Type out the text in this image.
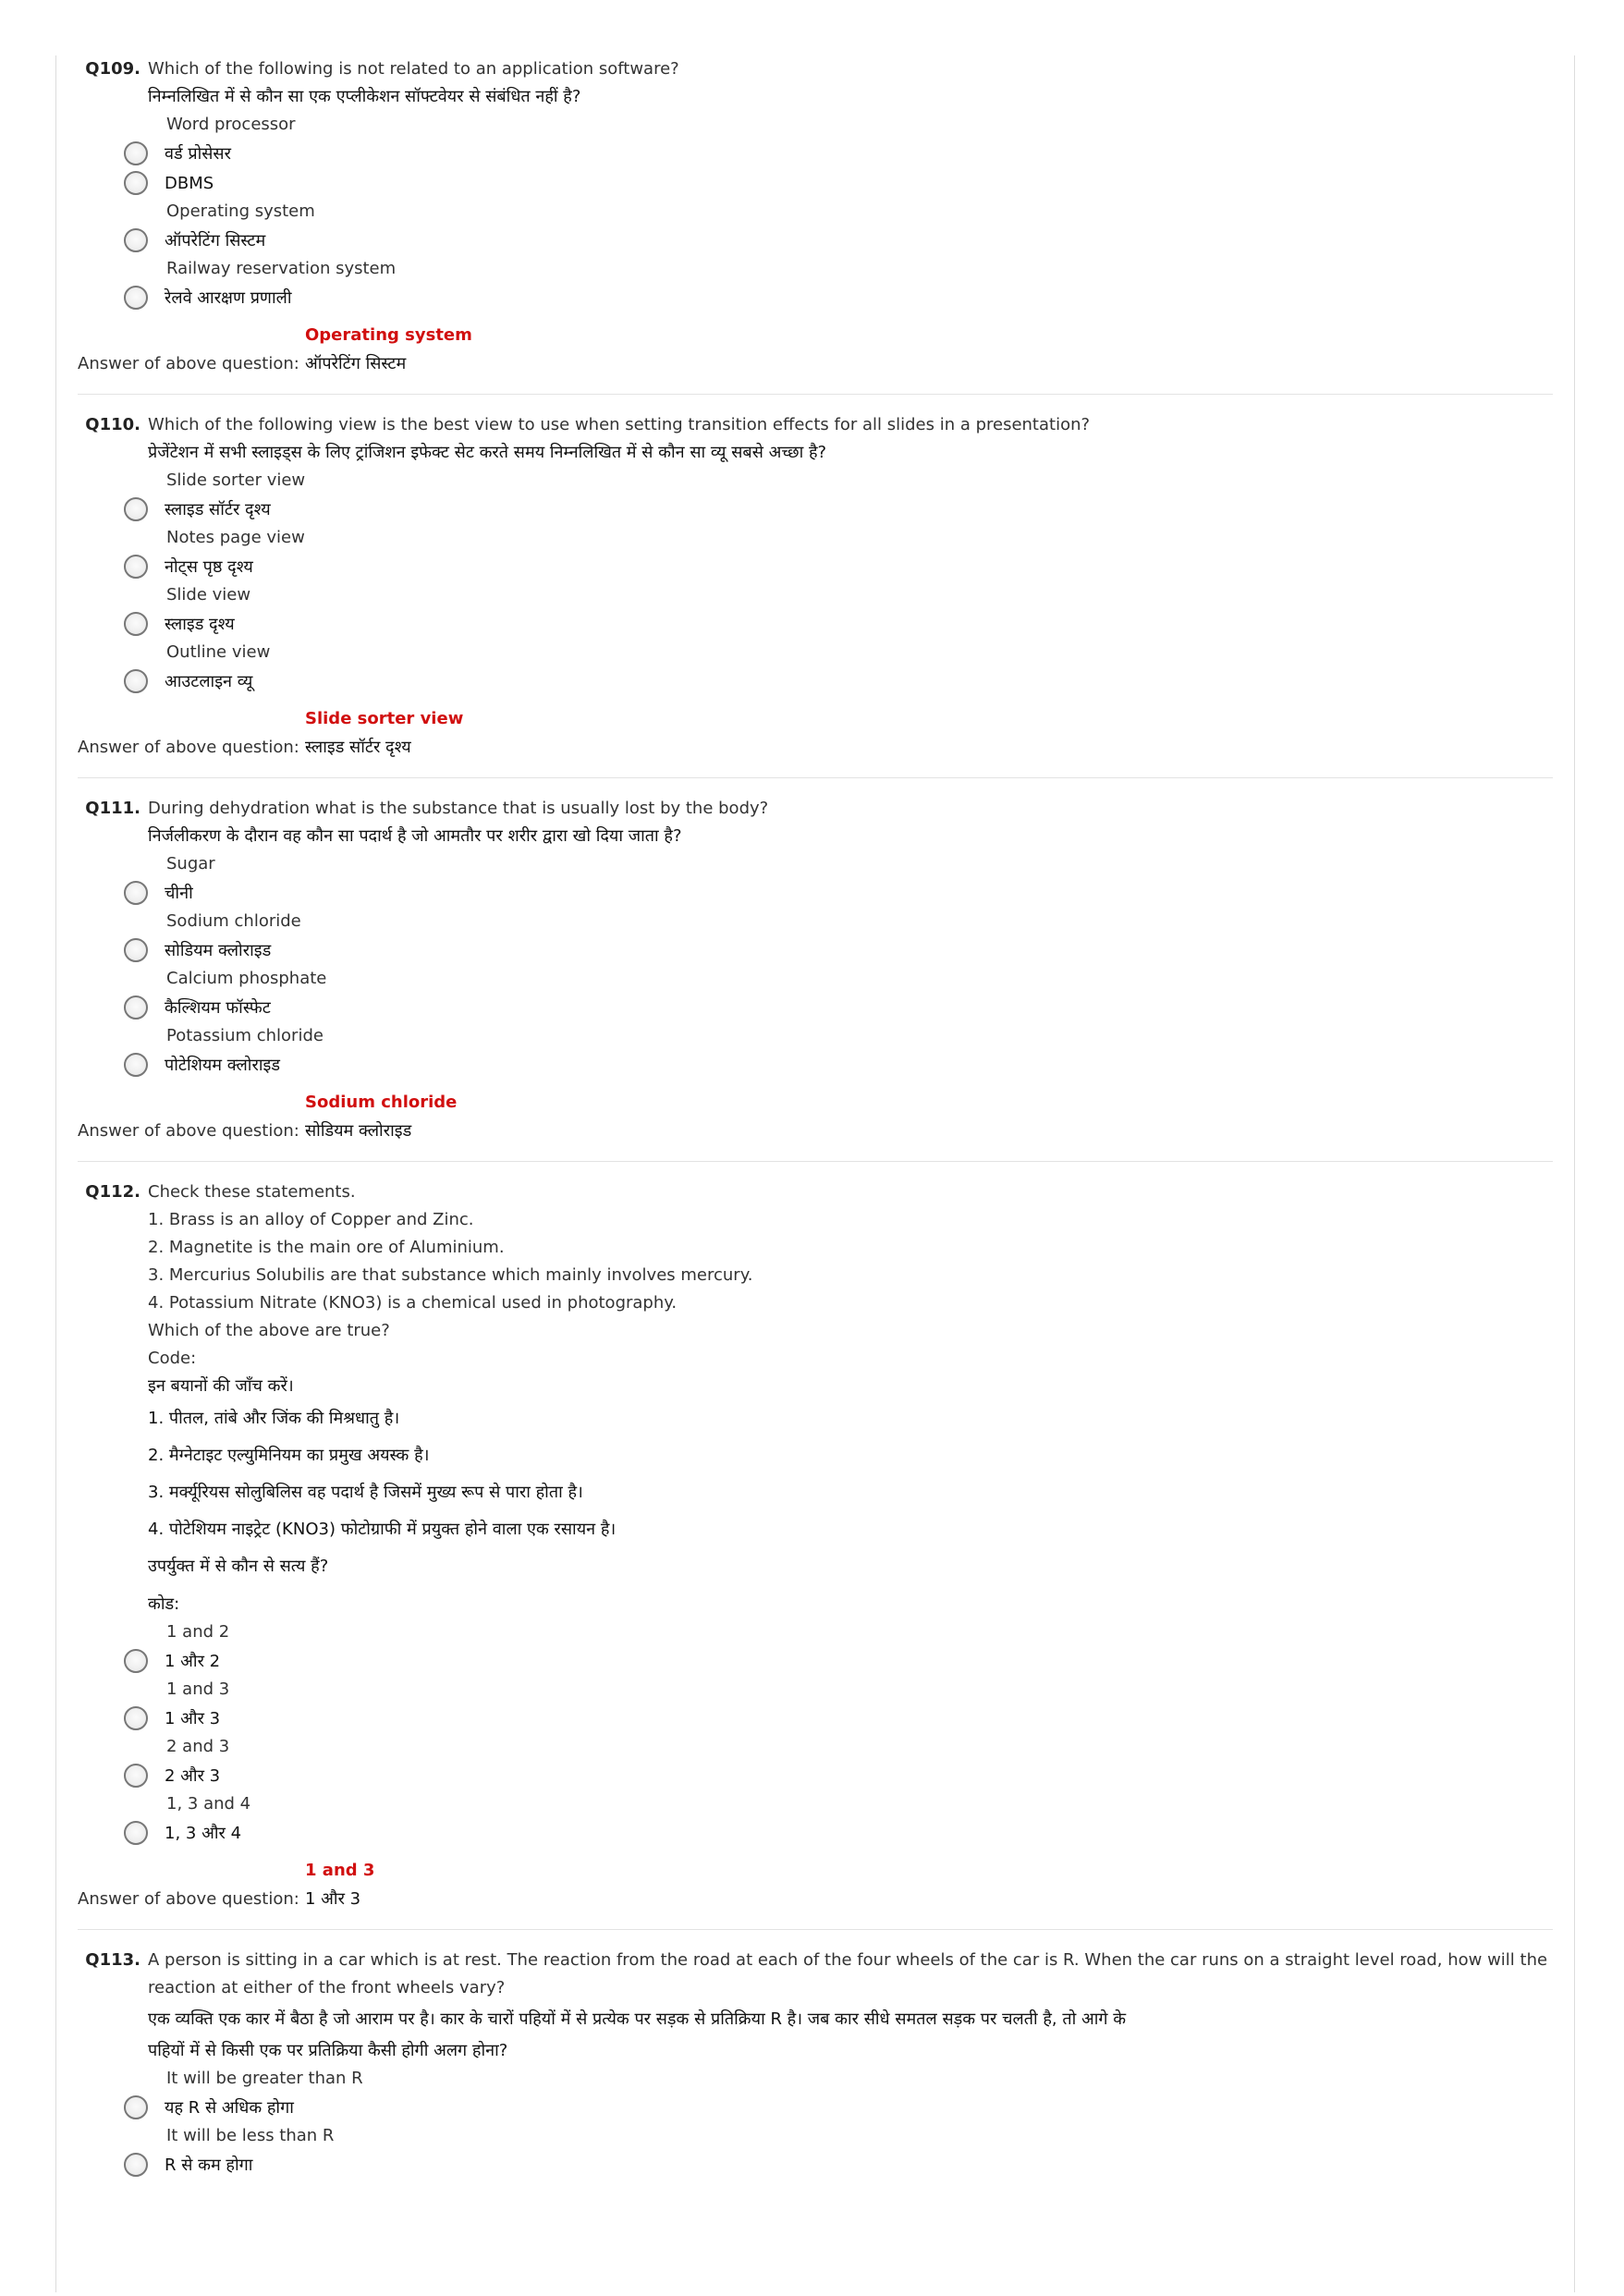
Q109. Which of the following is not related to an application software?
निम्नलिखित में से कौन सा एक एप्लीकेशन सॉफ्टवेयर से संबंधित नहीं है?
Word processor
वर्ड प्रोसेसर
DBMS
Operating system
ऑपरेटिंग सिस्टम
Railway reservation system
रेलवे आरक्षण प्रणाली
Operating system
Answer of above question: ऑपरेटिंग सिस्टम
Q110. Which of the following view is the best view to use when setting transition effects for all slides in a presentation?
प्रेजेंटेशन में सभी स्लाइड्स के लिए ट्रांजिशन इफेक्ट सेट करते समय निम्नलिखित में से कौन सा व्यू सबसे अच्छा है?
Slide sorter view
स्लाइड सॉर्टर दृश्य
Notes page view
नोट्स पृष्ठ दृश्य
Slide view
स्लाइड दृश्य
Outline view
आउटलाइन व्यू
Slide sorter view
Answer of above question: स्लाइड सॉर्टर दृश्य
Q111. During dehydration what is the substance that is usually lost by the body?
निर्जलीकरण के दौरान वह कौन सा पदार्थ है जो आमतौर पर शरीर द्वारा खो दिया जाता है?
Sugar
चीनी
Sodium chloride
सोडियम क्लोराइड
Calcium phosphate
कैल्शियम फॉस्फेट
Potassium chloride
पोटेशियम क्लोराइड
Sodium chloride
Answer of above question: सोडियम क्लोराइड
Q112. Check these statements.
1. Brass is an alloy of Copper and Zinc.
2. Magnetite is the main ore of Aluminium.
3. Mercurius Solubilis are that substance which mainly involves mercury.
4. Potassium Nitrate (KNO3) is a chemical used in photography.
Which of the above are true?
Code:
इन बयानों की जाँच करें।
1. पीतल, तांबे और जिंक की मिश्रधातु है।
2. मैग्नेटाइट एल्युमिनियम का प्रमुख अयस्क है।
3. मर्क्यूरियस सोलुबिलिस वह पदार्थ है जिसमें मुख्य रूप से पारा होता है।
4. पोटेशियम नाइट्रेट (KNO3) फोटोग्राफी में प्रयुक्त होने वाला एक रसायन है।
उपर्युक्त में से कौन से सत्य हैं?
कोड:
1 and 2
1 और 2
1 and 3
1 और 3
2 and 3
2 और 3
1, 3 and 4
1, 3 और 4
1 and 3
Answer of above question: 1 और 3
Q113. A person is sitting in a car which is at rest. The reaction from the road at each of the four wheels of the car is R. When the car runs on a straight level road, how will the reaction at either of the front wheels vary?
एक व्यक्ति एक कार में बैठा है जो आराम पर है। कार के चारों पहियों में से प्रत्येक पर सड़क से प्रतिक्रिया R है। जब कार सीधे समतल सड़क पर चलती है, तो आगे के
पहियों में से किसी एक पर प्रतिक्रिया कैसी होगी अलग होना?
It will be greater than R
यह R से अधिक होगा
It will be less than R
R से कम होगा
